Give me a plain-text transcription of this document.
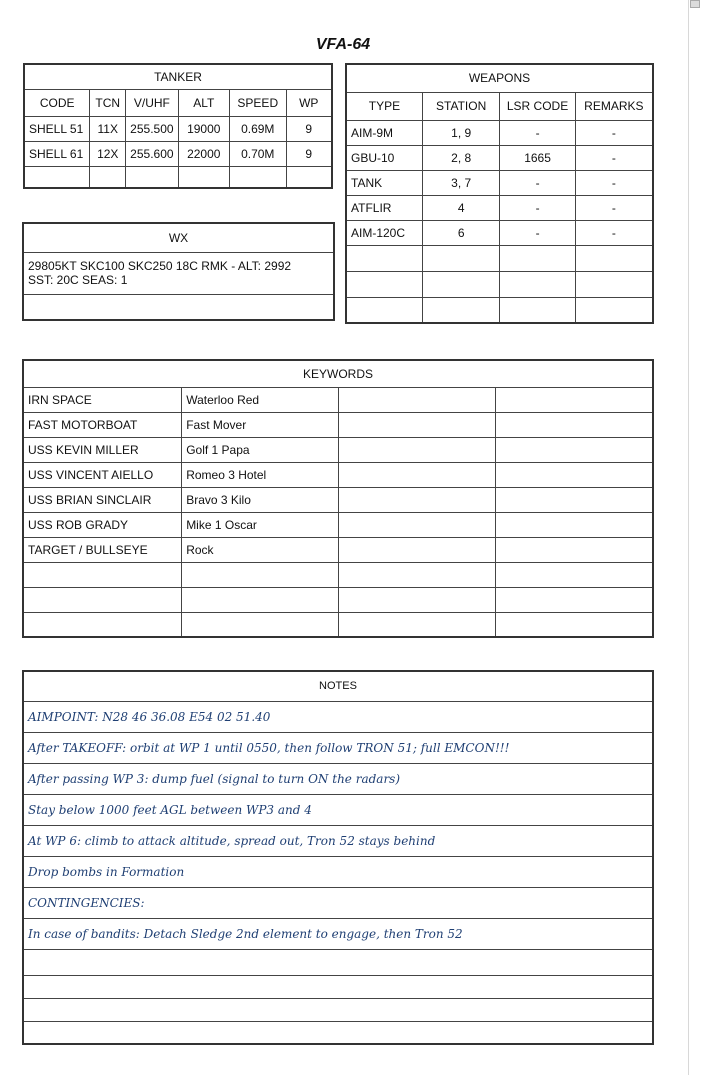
VFA-64
TANKER					
CODE	TCN	V/UHF	ALT	SPEED	WP
SHELL 51	11X	255.500	19000	0.69M	9
SHELL 61	12X	255.600	22000	0.70M	9

WEAPONS			
TYPE	STATION	LSR CODE	REMARKS
AIM-9M	1, 9	-	-
GBU-10	2, 8	1665	-
TANK	3, 7	-	-
ATFLIR	4	-	-
AIM-120C	6	-	-

WX

29805KT SKC100 SKC250 18C RMK - ALT: 2992
SST: 20C SEAS: 1

KEYWORDS			
IRN SPACE	Waterloo Red		
FAST MOTORBOAT	Fast Mover		
USS KEVIN MILLER	Golf 1 Papa		
USS VINCENT AIELLO	Romeo 3 Hotel		
USS BRIAN SINCLAIR	Bravo 3 Kilo		
USS ROB GRADY	Mike 1 Oscar		
TARGET / BULLSEYE	Rock		

NOTES
AIMPOINT: N28 46 36.08 E54 02 51.40
After TAKEOFF: orbit at WP 1 until 0550, then follow TRON 51; full EMCON!!!
After passing WP 3: dump fuel (signal to turn ON the radars)
Stay below 1000 feet AGL between WP3 and 4
At WP 6: climb to attack altitude, spread out, Tron 52 stays behind
Drop bombs in Formation
CONTINGENCIES:
In case of bandits: Detach Sledge 2nd element to engage, then Tron 52
